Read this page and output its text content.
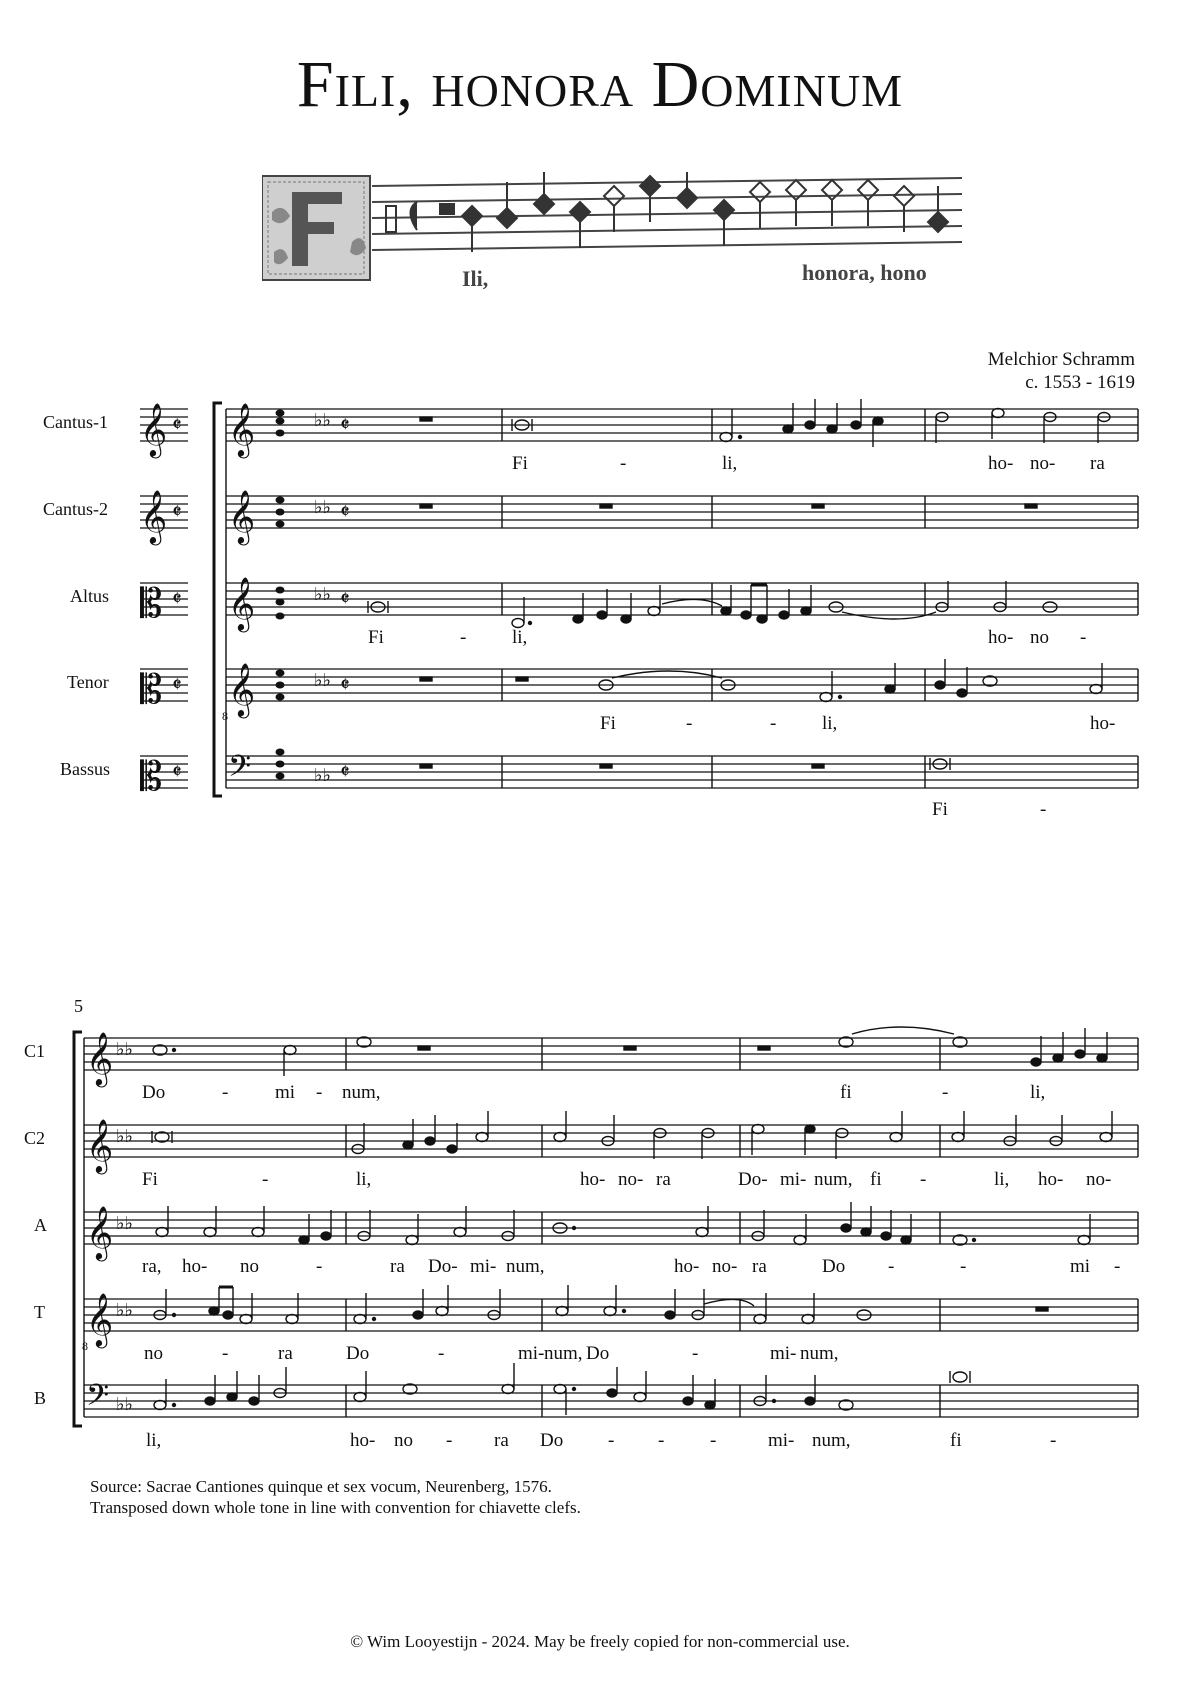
Fili, honora Dominum
Ili,	honora, hono
Melchior Schramm
c. 1553 - 1619
Cantus-1
Cantus-2
Altus
Tenor
Bassus
𝄞
𝄞
𝄡
𝄡
𝄡
𝄵
𝄵
𝄵
𝄵
𝄵
𝄞
𝄞
𝄞
𝄞
𝄢
♭♭
♭♭
♭♭
♭♭
♭♭
𝄵
𝄵
𝄵
𝄵
𝄵
8
Fi	-	li,	ho- no- ra
Fi	- li,	ho- no -
Fi	-	- li,	ho-
Fi	-
5
C1
C2
A
T
B
𝄞
𝄞
𝄞
𝄞
𝄢
♭♭
♭♭
♭♭
♭♭
♭♭
8
Do	- mi - num,	fi	-	li,
Fi	-	li,	ho- no- ra	Do- mi- num, fi -	li, ho- no-
ra, ho- no	-	ra Do- mi- num,	ho- no- ra	Do -	-	mi -
no	-	ra	Do	-	mi- num, Do	-	mi- num,
li,	ho- no - ra Do - - -	mi- num,	fi	-
Source: Sacrae Cantiones quinque et sex vocum, Neurenberg, 1576.
Transposed down whole tone in line with convention for chiavette clefs.
© Wim Looyestijn - 2024. May be freely copied for non-commercial use.
